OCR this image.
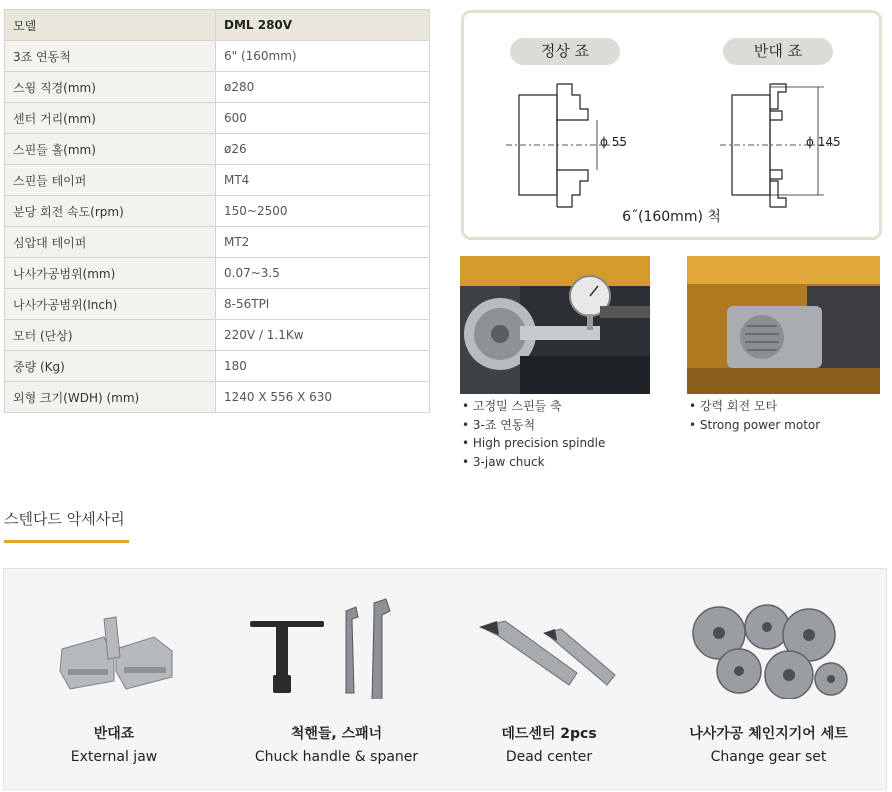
모델	DML 280V
3죠 연동척	6" (160mm)
스윙 직경(mm)	ø280
센터 거리(mm)	600
스핀들 홀(mm)	ø26
스핀들 테이퍼	MT4
분당 회전 속도(rpm)	150~2500
심압대 테이퍼	MT2
나사가공범위(mm)	0.07~3.5
나사가공범위(Inch)	8-56TPI
모터 (단상)	220V / 1.1Kw
중량 (Kg)	180
외형 크기(WDH) (mm)	1240 X 556 X 630
정상 죠	반대 죠
ϕ 55	ϕ 145
6˝(160mm) 척
• 고정밀 스핀들 축
• 3-죠 연동척
• High precision spindle
• 3-jaw chuck
• 강력 회전 모타
• Strong power motor
스텐다드 악세사리
반대죠
External jaw
척핸들, 스패너
Chuck handle & spaner
데드센터 2pcs
Dead center
나사가공 체인지기어 세트
Change gear set
